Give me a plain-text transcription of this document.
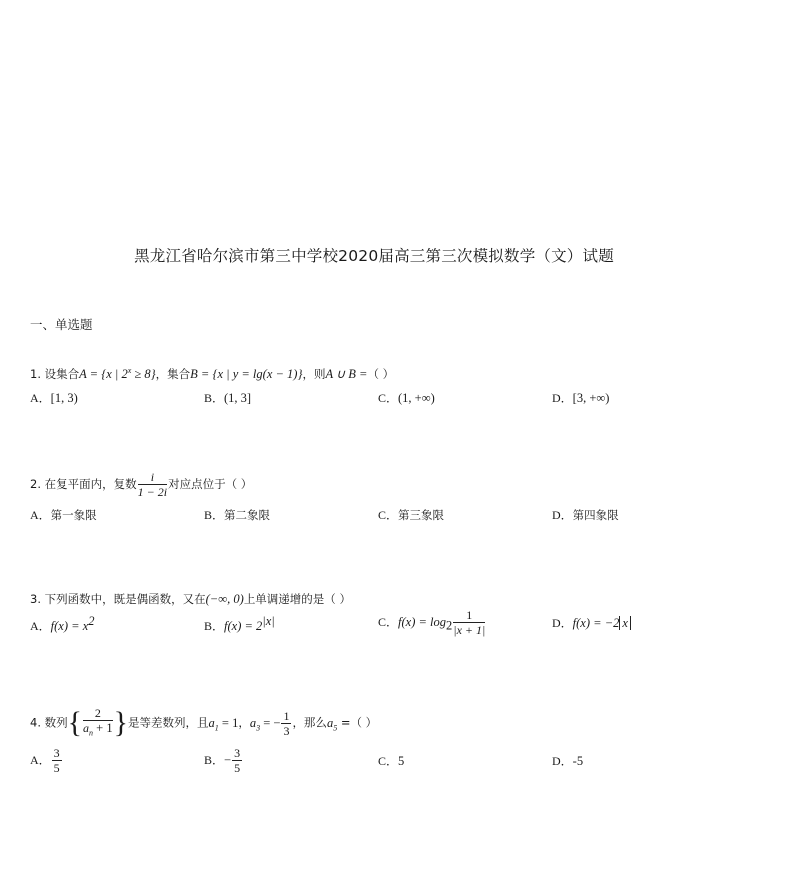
黑龙江省哈尔滨市第三中学校2020届高三第三次模拟数学（文）试题
一、单选题
1. 设集合A = {x | $2^x \ge 8$}，集合B = {x | y = lg(x − 1)}，则A ∪ B =（ ）
A．[1, 3)	B．(1, 3]	C．(1, +∞)	D．[3, +∞)
2. 在复平面内，复数 $\frac{i}{1 - 2i}$ 对应点位于（ ）
A．第一象限	B．第二象限	C．第三象限	D．第四象限
3. 下列函数中，既是偶函数，又在(−∞, 0)上单调递增的是（ ）
A．$f(x) = x^2$	B．$f(x) = 2^{|x|}$	C．$f(x) = \log_2 \frac{1}{|x + 1|}$	D．f(x) = −2 x
4. 数列{ $\frac{2}{a_n + 1}$ }是等差数列，且$a_1 = 1$，$a_3$ = − $\frac{1}{3}$ ，那么$a_5$ =（ ）
A． $\frac{3}{5}$	B．− $\frac{3}{5}$	C．5	D．-5
